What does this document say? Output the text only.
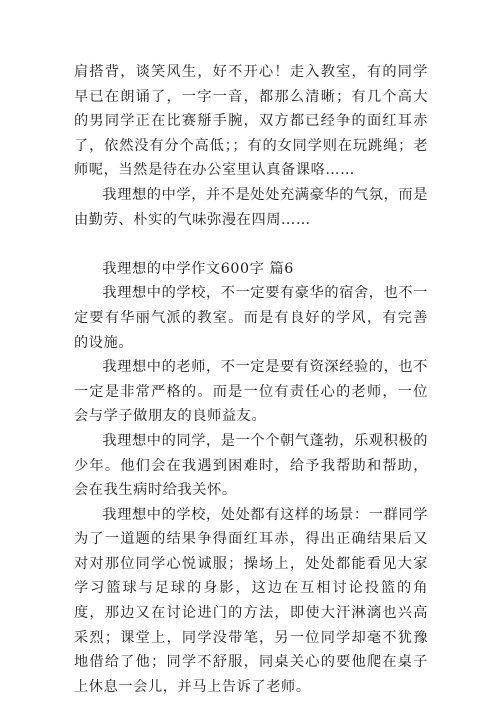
肩搭背，谈笑风生，好不开心！走入教室，有的同学早已在朗诵了，一字一音，都那么清晰；有几个高大的男同学正在比赛掰手腕，双方都已经争的面红耳赤了，依然没有分个高低；；有的女同学则在玩跳绳；老师呢，当然是待在办公室里认真备课咯……

我理想的中学，并不是处处充满豪华的气氛，而是由勤劳、朴实的气味弥漫在四周……

我理想的中学作文600字 篇6

我理想中的学校，不一定要有豪华的宿舍，也不一定要有华丽气派的教室。而是有良好的学风，有完善的设施。

我理想中的老师，不一定是要有资深经验的，也不一定是非常严格的。而是一位有责任心的老师，一位会与学子做朋友的良师益友。

我理想中的同学，是一个个朝气蓬勃，乐观积极的少年。他们会在我遇到困难时，给予我帮助和帮助，会在我生病时给我关怀。

我理想中的学校，处处都有这样的场景：一群同学为了一道题的结果争得面红耳赤，得出正确结果后又对对那位同学心悦诚服；操场上，处处都能看见大家学习篮球与足球的身影，这边在互相讨论投篮的角度，那边又在讨论进门的方法，即使大汗淋漓也兴高采烈；课堂上，同学没带笔，另一位同学却毫不犹豫地借给了他；同学不舒服，同桌关心的要他爬在桌子上休息一会儿，并马上告诉了老师。
